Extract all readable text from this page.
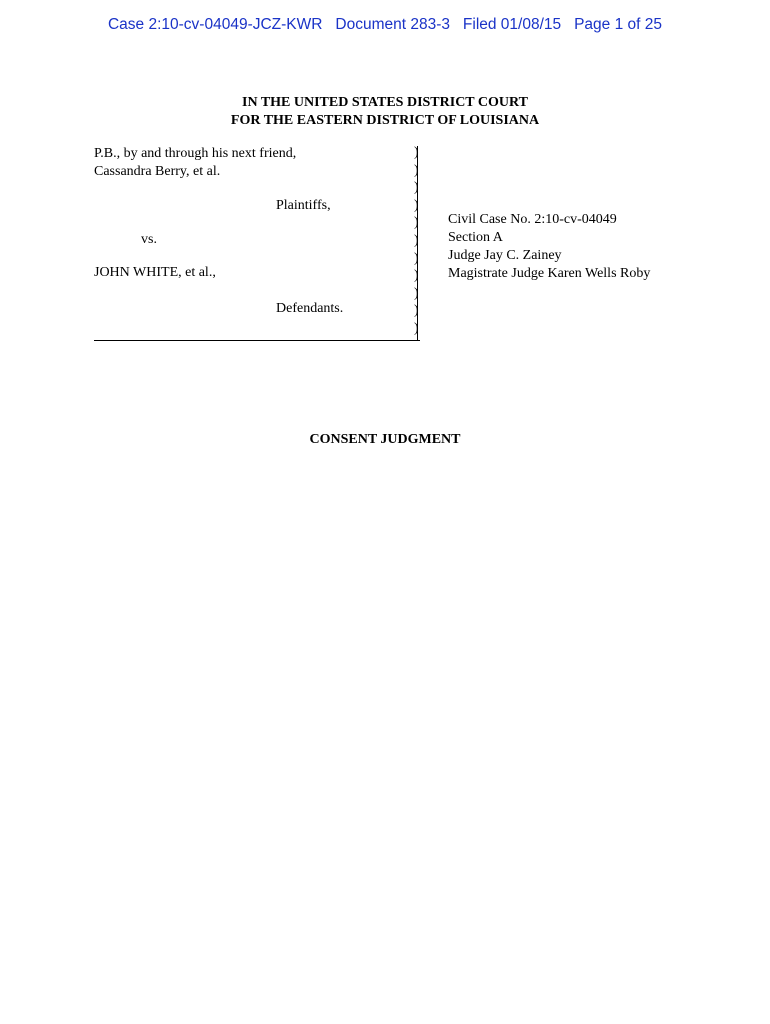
Case 2:10-cv-04049-JCZ-KWR Document 283-3 Filed 01/08/15 Page 1 of 25
IN THE UNITED STATES DISTRICT COURT
FOR THE EASTERN DISTRICT OF LOUISIANA
P.B., by and through his next friend,
Cassandra Berry, et al.
Plaintiffs,
vs.
JOHN WHITE, et al.,
Defendants.
)
)
)
)
)
)
)
)
)
)
)
Civil Case No. 2:10-cv-04049
Section A
Judge Jay C. Zainey
Magistrate Judge Karen Wells Roby
CONSENT JUDGMENT
